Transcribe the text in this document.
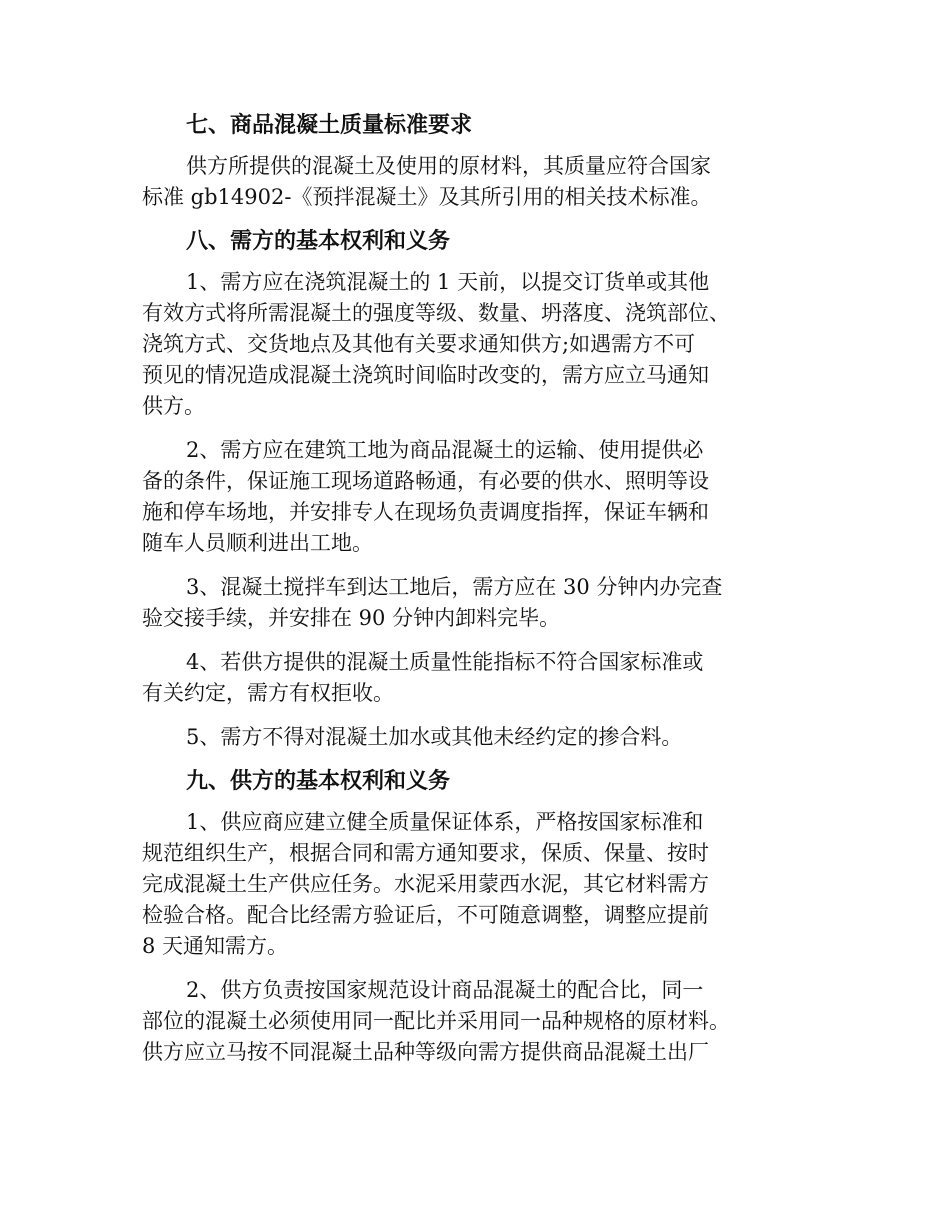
七、商品混凝土质量标准要求
供方所提供的混凝土及使用的原材料，其质量应符合国家
标准 gb14902-《预拌混凝土》及其所引用的相关技术标准。
八、需方的基本权利和义务
1、需方应在浇筑混凝土的 1 天前，以提交订货单或其他
有效方式将所需混凝土的强度等级、数量、坍落度、浇筑部位、
浇筑方式、交货地点及其他有关要求通知供方;如遇需方不可
预见的情况造成混凝土浇筑时间临时改变的，需方应立马通知
供方。
2、需方应在建筑工地为商品混凝土的运输、使用提供必
备的条件，保证施工现场道路畅通，有必要的供水、照明等设
施和停车场地，并安排专人在现场负责调度指挥，保证车辆和
随车人员顺利进出工地。
3、混凝土搅拌车到达工地后，需方应在 30 分钟内办完查
验交接手续，并安排在 90 分钟内卸料完毕。
4、若供方提供的混凝土质量性能指标不符合国家标准或
有关约定，需方有权拒收。
5、需方不得对混凝土加水或其他未经约定的掺合料。
九、供方的基本权利和义务
1、供应商应建立健全质量保证体系，严格按国家标准和
规范组织生产，根据合同和需方通知要求，保质、保量、按时
完成混凝土生产供应任务。水泥采用蒙西水泥，其它材料需方
检验合格。配合比经需方验证后，不可随意调整，调整应提前
8 天通知需方。
2、供方负责按国家规范设计商品混凝土的配合比，同一
部位的混凝土必须使用同一配比并采用同一品种规格的原材料。
供方应立马按不同混凝土品种等级向需方提供商品混凝土出厂
